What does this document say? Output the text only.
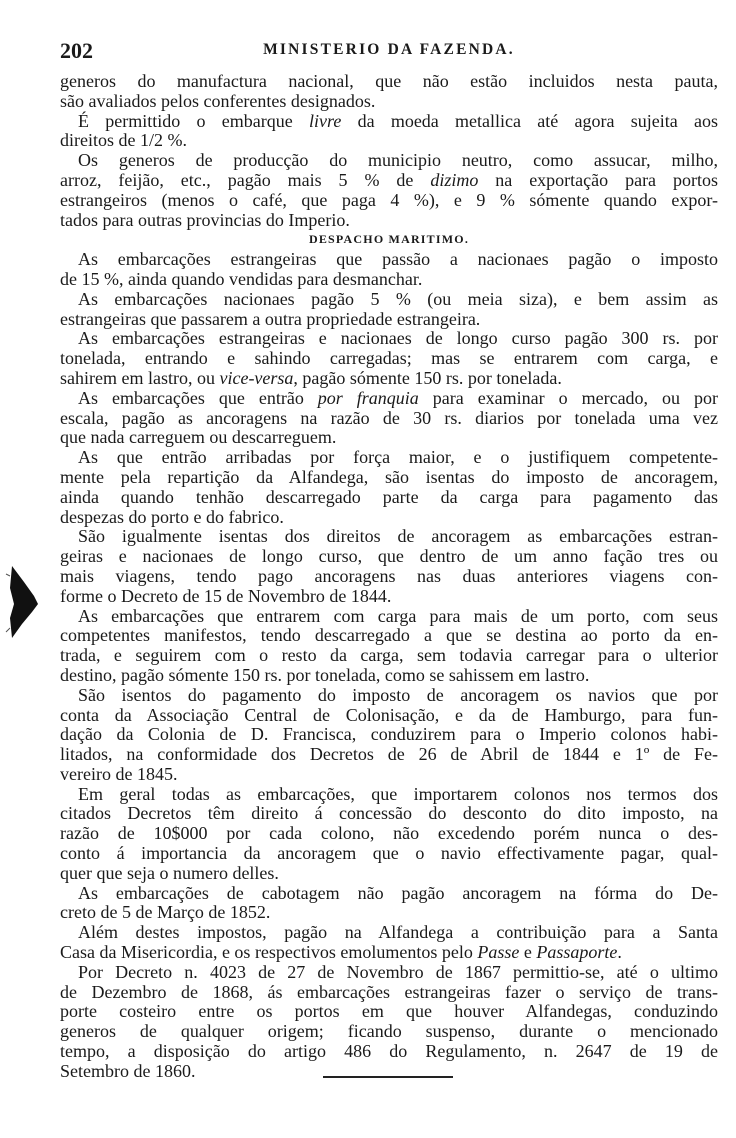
202	MINISTERIO DA FAZENDA.
generos do manufactura nacional, que não estão incluidos nesta pauta,
são avaliados pelos conferentes designados.
É permittido o embarque livre da moeda metallica até agora sujeita aos
direitos de 1/2 %.
Os generos de producção do municipio neutro, como assucar, milho,
arroz, feijão, etc., pagão mais 5 % de dizimo na exportação para portos
estrangeiros (menos o café, que paga 4 %), e 9 % sómente quando expor-
tados para outras provincias do Imperio.
DESPACHO MARITIMO.
As embarcações estrangeiras que passão a nacionaes pagão o imposto
de 15 %, ainda quando vendidas para desmanchar.
As embarcações nacionaes pagão 5 % (ou meia siza), e bem assim as
estrangeiras que passarem a outra propriedade estrangeira.
As embarcações estrangeiras e nacionaes de longo curso pagão 300 rs. por
tonelada, entrando e sahindo carregadas; mas se entrarem com carga, e
sahirem em lastro, ou vice-versa, pagão sómente 150 rs. por tonelada.
As embarcações que entrão por franquia para examinar o mercado, ou por
escala, pagão as ancoragens na razão de 30 rs. diarios por tonelada uma vez
que nada carreguem ou descarreguem.
As que entrão arribadas por força maior, e o justifiquem competente-
mente pela repartição da Alfandega, são isentas do imposto de ancoragem,
ainda quando tenhão descarregado parte da carga para pagamento das
despezas do porto e do fabrico.
São igualmente isentas dos direitos de ancoragem as embarcações estran-
geiras e nacionaes de longo curso, que dentro de um anno fação tres ou
mais viagens, tendo pago ancoragens nas duas anteriores viagens con-
forme o Decreto de 15 de Novembro de 1844.
As embarcações que entrarem com carga para mais de um porto, com seus
competentes manifestos, tendo descarregado a que se destina ao porto da en-
trada, e seguirem com o resto da carga, sem todavia carregar para o ulterior
destino, pagão sómente 150 rs. por tonelada, como se sahissem em lastro.
São isentos do pagamento do imposto de ancoragem os navios que por
conta da Associação Central de Colonisação, e da de Hamburgo, para fun-
dação da Colonia de D. Francisca, conduzirem para o Imperio colonos habi-
litados, na conformidade dos Decretos de 26 de Abril de 1844 e 1º de Fe-
vereiro de 1845.
Em geral todas as embarcações, que importarem colonos nos termos dos
citados Decretos têm direito á concessão do desconto do dito imposto, na
razão de 10$000 por cada colono, não excedendo porém nunca o des-
conto á importancia da ancoragem que o navio effectivamente pagar, qual-
quer que seja o numero delles.
As embarcações de cabotagem não pagão ancoragem na fórma do De-
creto de 5 de Março de 1852.
Além destes impostos, pagão na Alfandega a contribuição para a Santa
Casa da Misericordia, e os respectivos emolumentos pelo Passe e Passaporte.
Por Decreto n. 4023 de 27 de Novembro de 1867 permittio-se, até o ultimo
de Dezembro de 1868, ás embarcações estrangeiras fazer o serviço de trans-
porte costeiro entre os portos em que houver Alfandegas, conduzindo
generos de qualquer origem; ficando suspenso, durante o mencionado
tempo, a disposição do artigo 486 do Regulamento, n. 2647 de 19 de
Setembro de 1860.
